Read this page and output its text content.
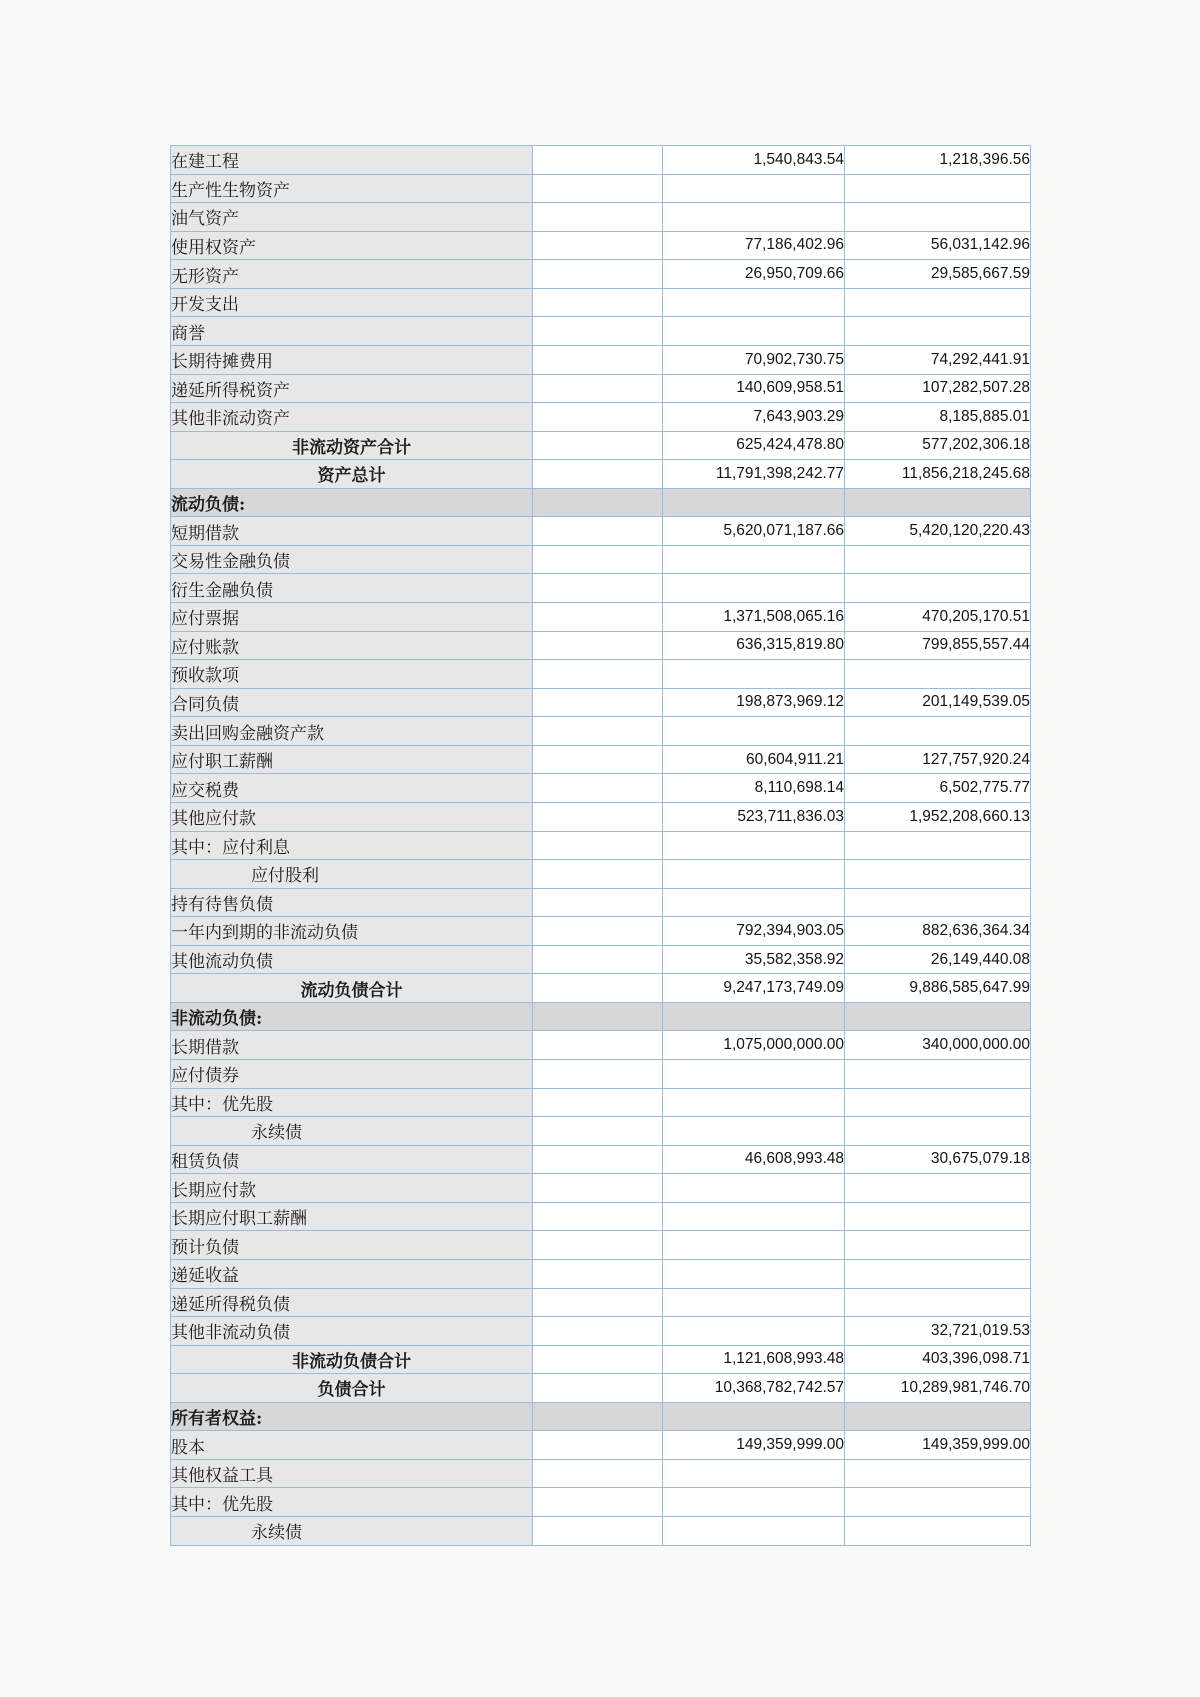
在建工程		1,540,843.54	1,218,396.56
生产性生物资产			
油气资产			
使用权资产		77,186,402.96	56,031,142.96
无形资产		26,950,709.66	29,585,667.59
开发支出			
商誉			
长期待摊费用		70,902,730.75	74,292,441.91
递延所得税资产		140,609,958.51	107,282,507.28
其他非流动资产		7,643,903.29	8,185,885.01
非流动资产合计		625,424,478.80	577,202,306.18
资产总计		11,791,398,242.77	11,856,218,245.68
流动负债:			
短期借款		5,620,071,187.66	5,420,120,220.43
交易性金融负债			
衍生金融负债			
应付票据		1,371,508,065.16	470,205,170.51
应付账款		636,315,819.80	799,855,557.44
预收款项			
合同负债		198,873,969.12	201,149,539.05
卖出回购金融资产款			
应付职工薪酬		60,604,911.21	127,757,920.24
应交税费		8,110,698.14	6,502,775.77
其他应付款		523,711,836.03	1,952,208,660.13
其中：应付利息			
应付股利			
持有待售负债			
一年内到期的非流动负债		792,394,903.05	882,636,364.34
其他流动负债		35,582,358.92	26,149,440.08
流动负债合计		9,247,173,749.09	9,886,585,647.99
非流动负债:			
长期借款		1,075,000,000.00	340,000,000.00
应付债券			
其中：优先股			
永续债			
租赁负债		46,608,993.48	30,675,079.18
长期应付款			
长期应付职工薪酬			
预计负债			
递延收益			
递延所得税负债			
其他非流动负债			32,721,019.53
非流动负债合计		1,121,608,993.48	403,396,098.71
负债合计		10,368,782,742.57	10,289,981,746.70
所有者权益:			
股本		149,359,999.00	149,359,999.00
其他权益工具			
其中：优先股			
永续债			
